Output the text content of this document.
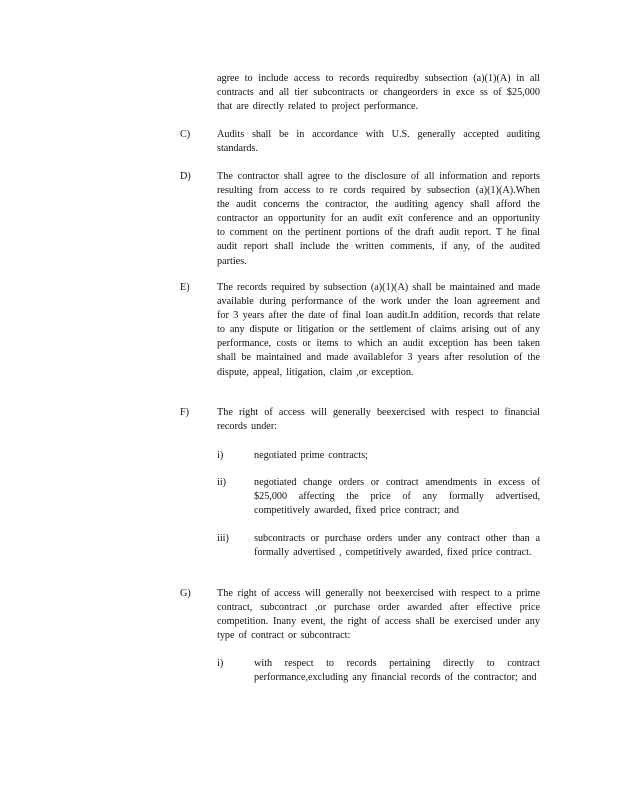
agree to include access to records requiredby subsection (a)(1)(A) in all contracts and all tier subcontracts or changeorders in exce ss of $25,000 that are directly related to project performance.

C)	Audits shall be in accordance with U.S. generally accepted auditing standards.

D)	The contractor shall agree to the disclosure of all information and reports resulting from access to re cords required by subsection (a)(1)(A).When the audit concerns the contractor, the auditing agency shall afford the contractor an opportunity for an audit exit conference and an opportunity to comment on the pertinent portions of the draft audit report. T he final audit report shall include the written comments, if any, of the audited parties.

E)	The records required by subsection (a)(1)(A) shall be maintained and made available during performance of the work under the loan agreement and for 3 years after the date of final loan audit.In addition, records that relate to any dispute or litigation or the settlement of claims arising out of any performance, costs or items to which an audit exception has been taken shall be maintained and made availablefor 3 years after resolution of the dispute, appeal, litigation, claim ,or exception.

F)	The right of access will generally beexercised with respect to financial records under:

i)	negotiated prime contracts;

ii)	negotiated change orders or contract amendments in excess of $25,000 affecting the price of any formally advertised, competitively awarded, fixed price contract; and

iii) subcontracts or purchase orders under any contract other than a formally advertised , competitively awarded, fixed price contract.

G)	The right of access will generally not beexercised with respect to a prime contract, subcontract ,or purchase order awarded after effective price competition. Inany event, the right of access shall be exercised under any type of contract or subcontract:

i)	with respect to records pertaining directly to contract performance,excluding any financial records of the contractor; and
